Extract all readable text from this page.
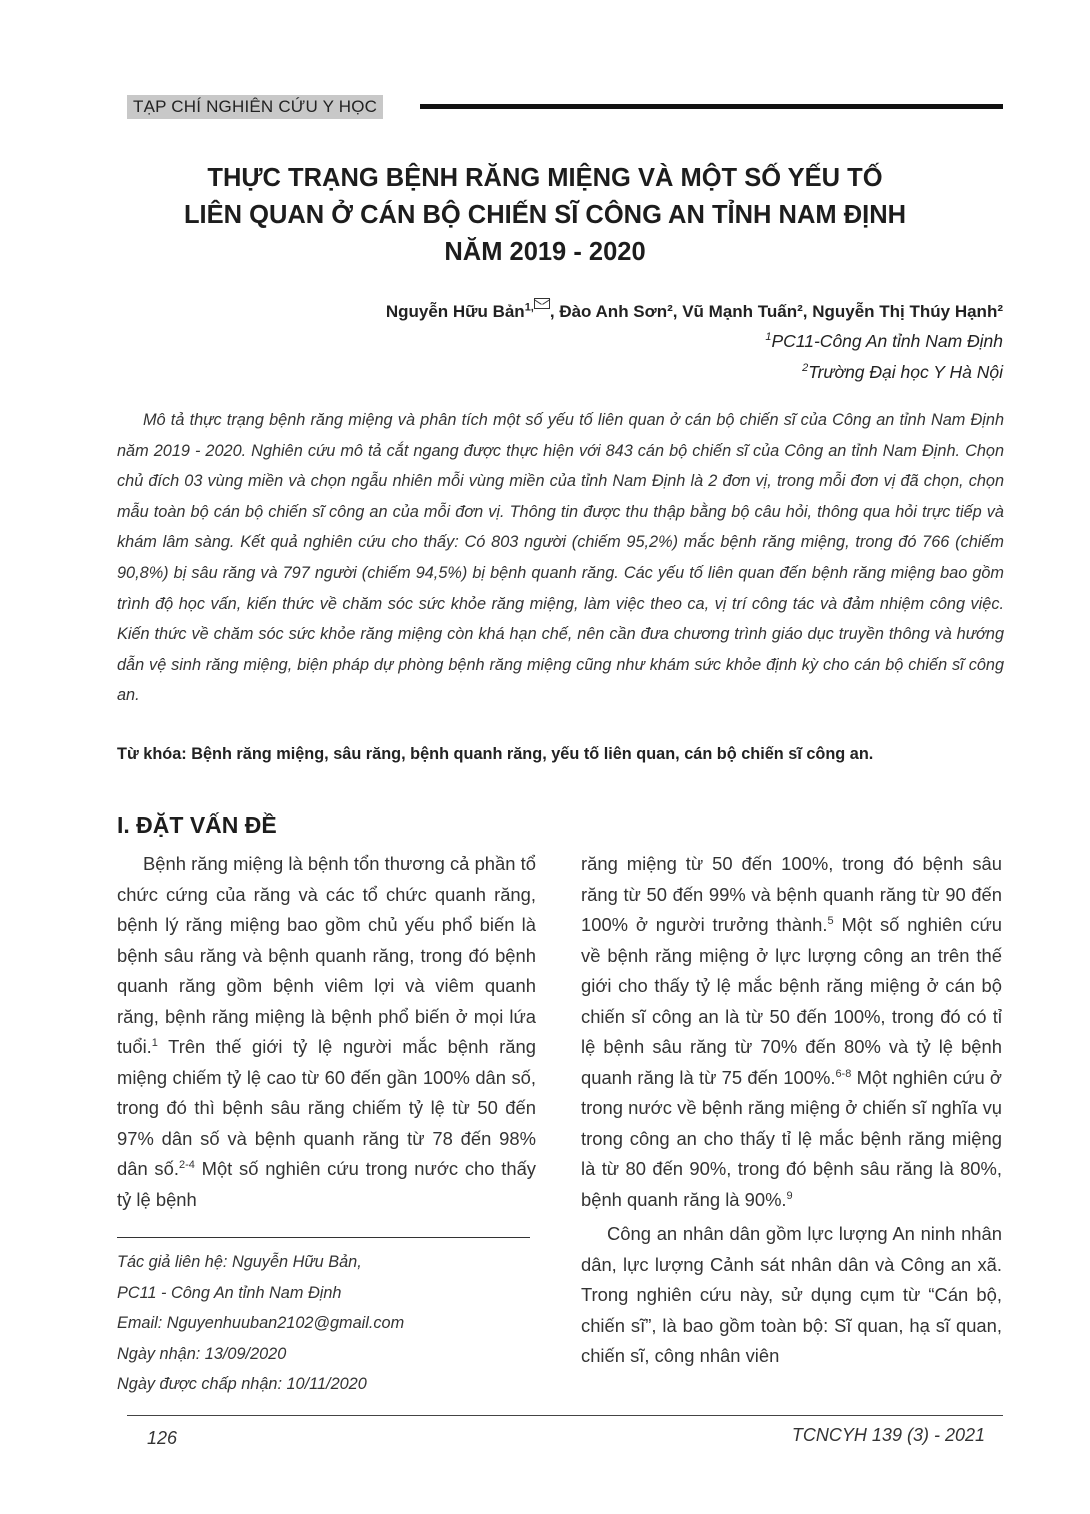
TẠP CHÍ NGHIÊN CỨU Y HỌC
THỰC TRẠNG BỆNH RĂNG MIỆNG VÀ MỘT SỐ YẾU TỐ
LIÊN QUAN Ở CÁN BỘ CHIẾN SĨ CÔNG AN TỈNH NAM ĐỊNH
NĂM 2019 - 2020
Nguyễn Hữu Bản$^{1,}$ , Đào Anh Sơn², Vũ Mạnh Tuấn², Nguyễn Thị Thúy Hạnh²
$^1$PC11-Công An tỉnh Nam Định
$^2$Trường Đại học Y Hà Nội
Mô tả thực trạng bệnh răng miệng và phân tích một số yếu tố liên quan ở cán bộ chiến sĩ của Công an tỉnh Nam Định năm 2019 - 2020. Nghiên cứu mô tả cắt ngang được thực hiện với 843 cán bộ chiến sĩ của Công an tỉnh Nam Định. Chọn chủ đích 03 vùng miền và chọn ngẫu nhiên mỗi vùng miền của tỉnh Nam Định là 2 đơn vị, trong mỗi đơn vị đã chọn, chọn mẫu toàn bộ cán bộ chiến sĩ công an của mỗi đơn vị. Thông tin được thu thập bằng bộ câu hỏi, thông qua hỏi trực tiếp và khám lâm sàng. Kết quả nghiên cứu cho thấy: Có 803 người (chiếm 95,2%) mắc bệnh răng miệng, trong đó 766 (chiếm 90,8%) bị sâu răng và 797 người (chiếm 94,5%) bị bệnh quanh răng. Các yếu tố liên quan đến bệnh răng miệng bao gồm trình độ học vấn, kiến thức về chăm sóc sức khỏe răng miệng, làm việc theo ca, vị trí công tác và đảm nhiệm công việc. Kiến thức về chăm sóc sức khỏe răng miệng còn khá hạn chế, nên cần đưa chương trình giáo dục truyền thông và hướng dẫn vệ sinh răng miệng, biện pháp dự phòng bệnh răng miệng cũng như khám sức khỏe định kỳ cho cán bộ chiến sĩ công an.
Từ khóa: Bệnh răng miệng, sâu răng, bệnh quanh răng, yếu tố liên quan, cán bộ chiến sĩ công an.
I. ĐẶT VẤN ĐỀ

Bệnh răng miệng là bệnh tổn thương cả phần tổ chức cứng của răng và các tổ chức quanh răng, bệnh lý răng miệng bao gồm chủ yếu phổ biến là bệnh sâu răng và bệnh quanh răng, trong đó bệnh quanh răng gồm bệnh viêm lợi và viêm quanh răng, bệnh răng miệng là bệnh phổ biến ở mọi lứa tuổi.$^1$ Trên thế giới tỷ lệ người mắc bệnh răng miệng chiếm tỷ lệ cao từ 60 đến gần 100% dân số, trong đó thì bệnh sâu răng chiếm tỷ lệ từ 50 đến 97% dân số và bệnh quanh răng từ 78 đến 98% dân số.$^{2-4}$ Một số nghiên cứu trong nước cho thấy tỷ lệ bệnh

răng miệng từ 50 đến 100%, trong đó bệnh sâu răng từ 50 đến 99% và bệnh quanh răng từ 90 đến 100% ở người trưởng thành.$^5$ Một số nghiên cứu về bệnh răng miệng ở lực lượng công an trên thế giới cho thấy tỷ lệ mắc bệnh răng miệng ở cán bộ chiến sĩ công an là từ 50 đến 100%, trong đó có tỉ lệ bệnh sâu răng từ 70% đến 80% và tỷ lệ bệnh quanh răng là từ 75 đến 100%.$^{6-8}$ Một nghiên cứu ở trong nước về bệnh răng miệng ở chiến sĩ nghĩa vụ trong công an cho thấy tỉ lệ mắc bệnh răng miệng là từ 80 đến 90%, trong đó bệnh sâu răng là 80%, bệnh quanh răng là 90%.$^9$

Công an nhân dân gồm lực lượng An ninh nhân dân, lực lượng Cảnh sát nhân dân và Công an xã. Trong nghiên cứu này, sử dụng cụm từ “Cán bộ, chiến sĩ”, là bao gồm toàn bộ: Sĩ quan, hạ sĩ quan, chiến sĩ, công nhân viên

Tác giả liên hệ: Nguyễn Hữu Bản,
PC11 - Công An tỉnh Nam Định
Email: Nguyenhuuban2102@gmail.com
Ngày nhận: 13/09/2020
Ngày được chấp nhận: 10/11/2020
126	TCNCYH 139 (3) - 2021
